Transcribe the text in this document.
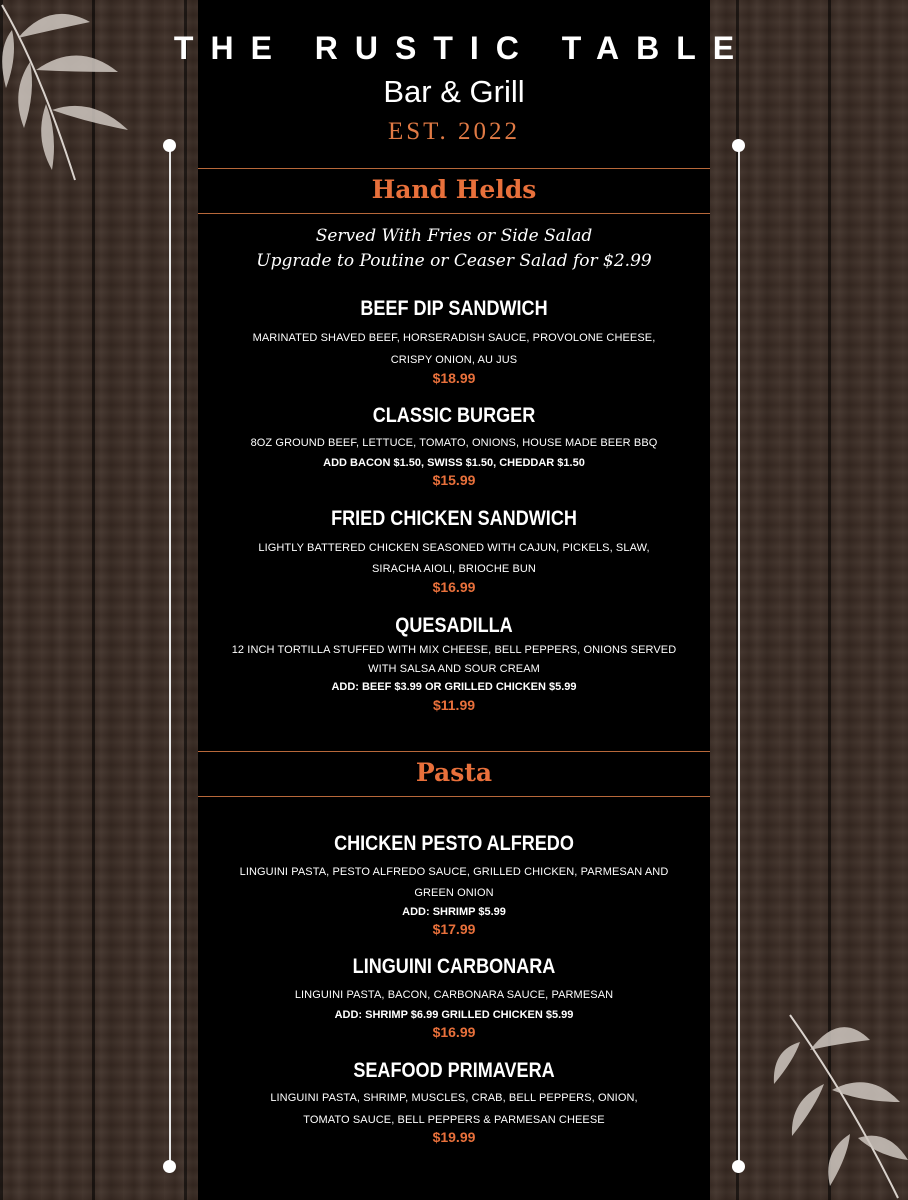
THE RUSTIC TABLE
Bar & Grill
EST. 2022
Hand Helds
Served With Fries or Side Salad
Upgrade to Poutine or Ceaser Salad for $2.99
BEEF DIP SANDWICH
MARINATED SHAVED BEEF, HORSERADISH SAUCE, PROVOLONE CHEESE,
CRISPY ONION, AU JUS
$18.99
CLASSIC BURGER
8OZ GROUND BEEF, LETTUCE, TOMATO, ONIONS, HOUSE MADE BEER BBQ
ADD BACON $1.50, SWISS $1.50, CHEDDAR $1.50
$15.99
FRIED CHICKEN SANDWICH
LIGHTLY BATTERED CHICKEN SEASONED WITH CAJUN, PICKELS, SLAW,
SIRACHA AIOLI, BRIOCHE BUN
$16.99
QUESADILLA
12 INCH TORTILLA STUFFED WITH MIX CHEESE, BELL PEPPERS, ONIONS SERVED
WITH SALSA AND SOUR CREAM
ADD: BEEF $3.99 OR GRILLED CHICKEN $5.99
$11.99
Pasta
CHICKEN PESTO ALFREDO
LINGUINI PASTA, PESTO ALFREDO SAUCE, GRILLED CHICKEN, PARMESAN AND
GREEN ONION
ADD: SHRIMP $5.99
$17.99
LINGUINI CARBONARA
LINGUINI PASTA, BACON, CARBONARA SAUCE, PARMESAN
ADD: SHRIMP $6.99 GRILLED CHICKEN $5.99
$16.99
SEAFOOD PRIMAVERA
LINGUINI PASTA, SHRIMP, MUSCLES, CRAB, BELL PEPPERS, ONION,
TOMATO SAUCE, BELL PEPPERS & PARMESAN CHEESE
$19.99
